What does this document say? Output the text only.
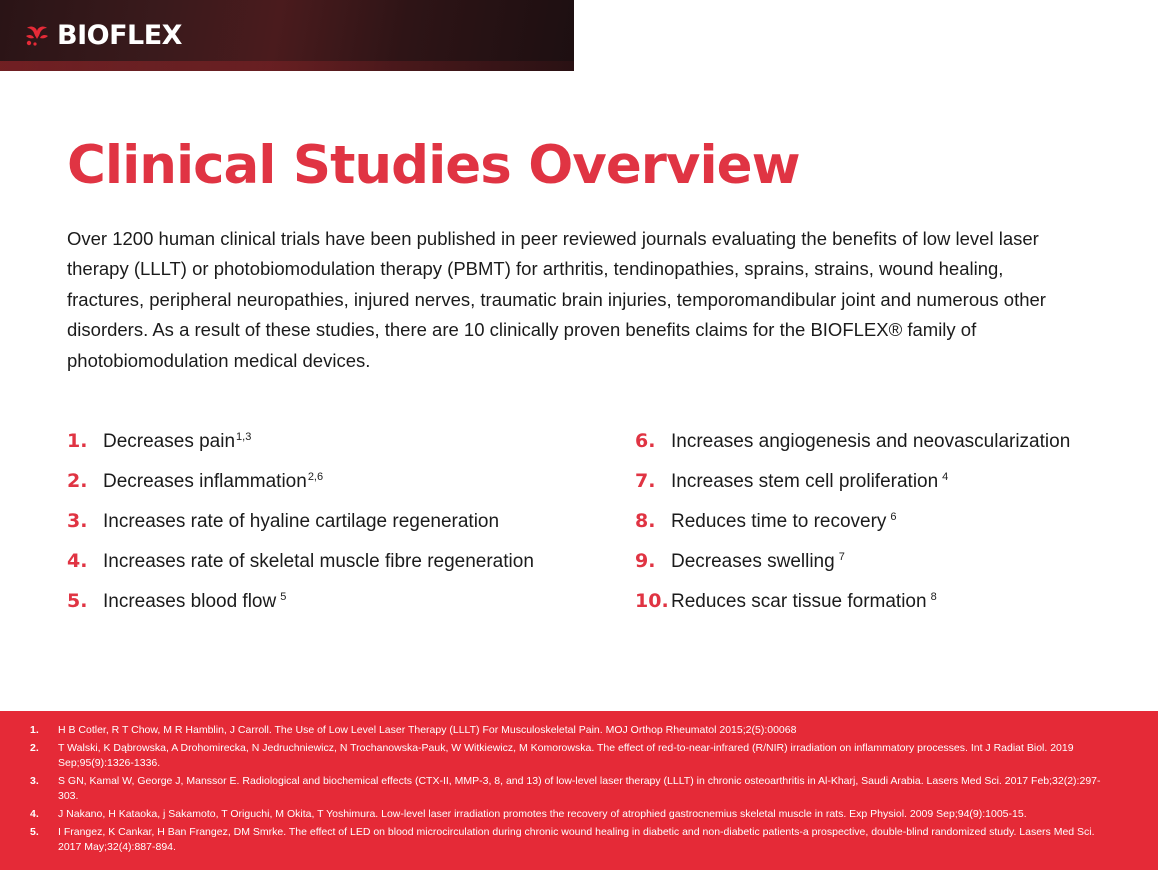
BIOFLEX
Clinical Studies Overview

Over 1200 human clinical trials have been published in peer reviewed journals evaluating the benefits of low level laser therapy (LLLT) or photobiomodulation therapy (PBMT) for arthritis, tendinopathies, sprains, strains, wound healing, fractures, peripheral neuropathies, injured nerves, traumatic brain injuries, temporomandibular joint and numerous other disorders. As a result of these studies, there are 10 clinically proven benefits claims for the BIOFLEX® family of photobiomodulation medical devices.

1. Decreases pain$^{1,3}$
2. Decreases inflammation$^{2,6}$
3. Increases rate of hyaline cartilage regeneration
4. Increases rate of skeletal muscle fibre regeneration
5. Increases blood flow $^5$
6. Increases angiogenesis and neovascularization
7. Increases stem cell proliferation $^4$
8. Reduces time to recovery $^6$
9. Decreases swelling $^7$
10. Reduces scar tissue formation $^8$
1.	H B Cotler, R T Chow, M R Hamblin, J Carroll. The Use of Low Level Laser Therapy (LLLT) For Musculoskeletal Pain. MOJ Orthop Rheumatol 2015;2(5):00068
2.	T Walski, K Dąbrowska, A Drohomirecka, N Jedruchniewicz, N Trochanowska-Pauk, W Witkiewicz, M Komorowska. The effect of red-to-near-infrared (R/NIR) irradiation on inflammatory processes. Int J Radiat Biol. 2019 Sep;95(9):1326-1336.
3.	S GN, Kamal W, George J, Manssor E. Radiological and biochemical effects (CTX-II, MMP-3, 8, and 13) of low-level laser therapy (LLLT) in chronic osteoarthritis in Al-Kharj, Saudi Arabia. Lasers Med Sci. 2017 Feb;32(2):297-303.
4.	J Nakano, H Kataoka, j Sakamoto, T Origuchi, M Okita, T Yoshimura. Low-level laser irradiation promotes the recovery of atrophied gastrocnemius skeletal muscle in rats. Exp Physiol. 2009 Sep;94(9):1005-15.
5.	I Frangez, K Cankar, H Ban Frangez, DM Smrke. The effect of LED on blood microcirculation during chronic wound healing in diabetic and non-diabetic patients-a prospective, double-blind randomized study. Lasers Med Sci. 2017 May;32(4):887-894.
